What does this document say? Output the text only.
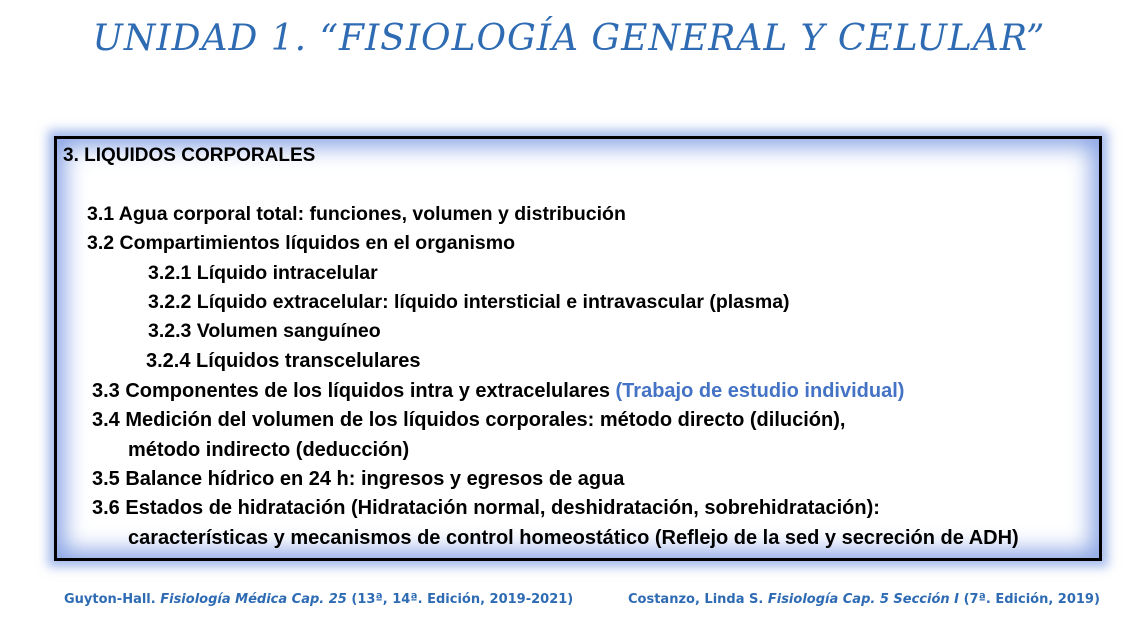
UNIDAD 1. “FISIOLOGÍA GENERAL Y CELULAR”
3. LIQUIDOS CORPORALES
3.1 Agua corporal total: funciones, volumen y distribución
3.2 Compartimientos líquidos en el organismo
3.2.1 Líquido intracelular
3.2.2 Líquido extracelular: líquido intersticial e intravascular (plasma)
3.2.3 Volumen sanguíneo
3.2.4 Líquidos transcelulares
3.3 Componentes de los líquidos intra y extracelulares (Trabajo de estudio individual)
3.4 Medición del volumen de los líquidos corporales: método directo (dilución),
método indirecto (deducción)
3.5 Balance hídrico en 24 h: ingresos y egresos de agua
3.6 Estados de hidratación (Hidratación normal, deshidratación, sobrehidratación):
características y mecanismos de control homeostático (Reflejo de la sed y secreción de ADH)
Guyton-Hall. Fisiología Médica Cap. 25 (13ª, 14ª. Edición, 2019-2021)	Costanzo, Linda S. Fisiología Cap. 5 Sección I (7ª. Edición, 2019)
